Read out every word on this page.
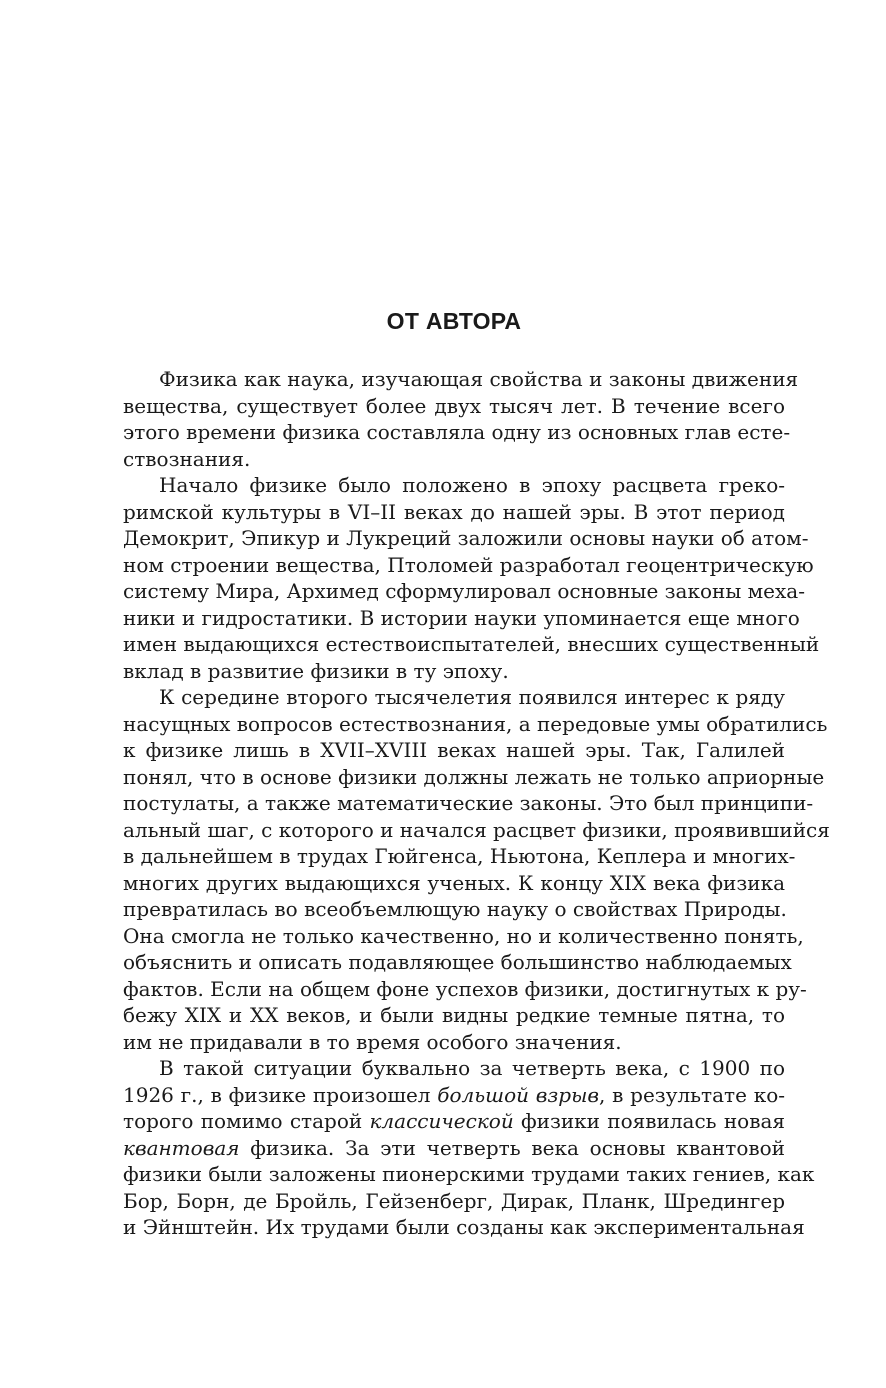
ОТ АВТОРА
Физика как наука, изучающая свойства и законы движения
вещества, существует более двух тысяч лет. В течение всего
этого времени физика составляла одну из основных глав есте-
ствознания.
Начало физике было положено в эпоху расцвета греко-
римской культуры в VI–II веках до нашей эры. В этот период
Демокрит, Эпикур и Лукреций заложили основы науки об атом-
ном строении вещества, Птоломей разработал геоцентрическую
систему Мира, Архимед сформулировал основные законы меха-
ники и гидростатики. В истории науки упоминается еще много
имен выдающихся естествоиспытателей, внесших существенный
вклад в развитие физики в ту эпоху.
К середине второго тысячелетия появился интерес к ряду
насущных вопросов естествознания, а передовые умы обратились
к физике лишь в XVII–XVIII веках нашей эры. Так, Галилей
понял, что в основе физики должны лежать не только априорные
постулаты, а также математические законы. Это был принципи-
альный шаг, с которого и начался расцвет физики, проявившийся
в дальнейшем в трудах Гюйгенса, Ньютона, Кеплера и многих-
многих других выдающихся ученых. К концу XIX века физика
превратилась во всеобъемлющую науку о свойствах Природы.
Она смогла не только качественно, но и количественно понять,
объяснить и описать подавляющее большинство наблюдаемых
фактов. Если на общем фоне успехов физики, достигнутых к ру-
бежу XIX и XX веков, и были видны редкие темные пятна, то
им не придавали в то время особого значения.
В такой ситуации буквально за четверть века, с 1900 по
1926 г., в физике произошел большой взрыв, в результате ко-
торого помимо старой классической физики появилась новая
квантовая физика. За эти четверть века основы квантовой
физики были заложены пионерскими трудами таких гениев, как
Бор, Борн, де Бройль, Гейзенберг, Дирак, Планк, Шредингер
и Эйнштейн. Их трудами были созданы как экспериментальная
